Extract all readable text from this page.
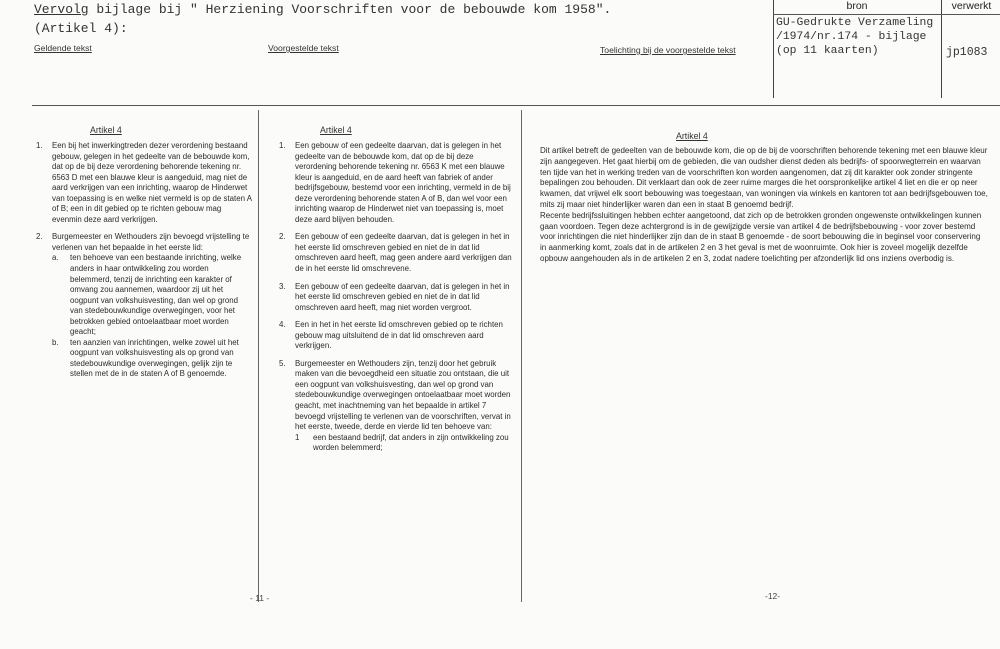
Vervolg bijlage bij " Herziening Voorschriften voor de bebouwde kom 1958".
(Artikel 4):
Geldende tekst	Voorgestelde tekst	Toelichting bij de voorgestelde tekst
bron	verwerkt
GU-Gedrukte Verzameling
/1974/nr.174 - bijlage
(op 11 kaarten)	jp1083
Artikel 4	Artikel 4
Artikel 4
1. Een bij het inwerkingtreden dezer verordening bestaand gebouw, gelegen in het gedeelte van de bebouwde kom, dat op de bij deze verordening behorende tekening nr. 6563 D met een blauwe kleur is aangeduid, mag niet de aard verkrijgen van een inrichting, waarop de Hinderwet van toepassing is en welke niet vermeld is op de staten A of B; een in dit gebied op te richten gebouw mag evenmin deze aard verkrijgen.

2. Burgemeester en Wethouders zijn bevoegd vrijstelling te verlenen van het bepaalde in het eerste lid:

a. ten behoeve van een bestaande inrichting, welke anders in haar ontwikkeling zou worden belemmerd, tenzij de inrichting een karakter of omvang zou aannemen, waardoor zij uit het oogpunt van volkshuisvesting, dan wel op grond van stedebouwkundige overwegingen, voor het betrokken gebied ontoelaatbaar moet worden geacht;

b. ten aanzien van inrichtingen, welke zowel uit het oogpunt van volkshuisvesting als op grond van stedebouwkundige overwegingen, gelijk zijn te stellen met de in de staten A of B genoemde.

- 11 -
1. Een gebouw of een gedeelte daarvan, dat is gelegen in het gedeelte van de bebouwde kom, dat op de bij deze verordening behorende tekening nr. 6563 K met een blauwe kleur is aangeduid, en de aard heeft van fabriek of ander bedrijfsgebouw, bestemd voor een inrichting, vermeld in de bij deze verordening behorende staten A of B, dan wel voor een inrichting waarop de Hinderwet niet van toepassing is, moet deze aard blijven behouden.

2. Een gebouw of een gedeelte daarvan, dat is gelegen in het in het eerste lid omschreven gebied en niet de in dat lid omschreven aard heeft, mag geen andere aard verkrijgen dan de in het eerste lid omschrevene.

3. Een gebouw of een gedeelte daarvan, dat is gelegen in het in het eerste lid omschreven gebied en niet de in dat lid omschreven aard heeft, mag niet worden vergroot.

4. Een in het in het eerste lid omschreven gebied op te richten gebouw mag uitsluitend de in dat lid omschreven aard verkrijgen.

5. Burgemeester en Wethouders zijn, tenzij door het gebruik maken van die bevoegdheid een situatie zou ontstaan, die uit een oogpunt van volkshuisvesting, dan wel op grond van stedebouwkundige overwegingen ontoelaatbaar moet worden geacht, met inachtneming van het bepaalde in artikel 7 bevoegd vrijstelling te verlenen van de voorschriften, vervat in het eerste, tweede, derde en vierde lid ten behoeve van:

1 een bestaand bedrijf, dat anders in zijn ontwikkeling zou worden belemmerd;

Dit artikel betreft de gedeelten van de bebouwde kom, die op de bij de voorschriften behorende tekening met een blauwe kleur zijn aangegeven. Het gaat hierbij om de gebieden, die van oudsher dienst deden als bedrijfs- of spoorwegterrein en waarvan ten tijde van het in werking treden van de voorschriften kon worden aangenomen, dat zij dit karakter ook zonder stringente bepalingen zou behouden. Dit verklaart dan ook de zeer ruime marges die het oorspronkelijke artikel 4 liet en die er op neer kwamen, dat vrijwel elk soort bebouwing was toegestaan, van woningen via winkels en kantoren tot aan bedrijfsgebouwen toe, mits zij maar niet hinderlijker waren dan een in staat B genoemd bedrijf.

Recente bedrijfssluitingen hebben echter aangetoond, dat zich op de betrokken gronden ongewenste ontwikkelingen kunnen gaan voordoen. Tegen deze achtergrond is in de gewijzigde versie van artikel 4 de bedrijfsbebouwing - voor zover bestemd voor inrichtingen die niet hinderlijker zijn dan de in staat B genoemde - de soort bebouwing die in beginsel voor conservering in aanmerking komt, zoals dat in de artikelen 2 en 3 het geval is met de woonruimte. Ook hier is zoveel mogelijk dezelfde opbouw aangehouden als in de artikelen 2 en 3, zodat nadere toelichting per afzonderlijk lid ons inziens overbodig is.

-12-
